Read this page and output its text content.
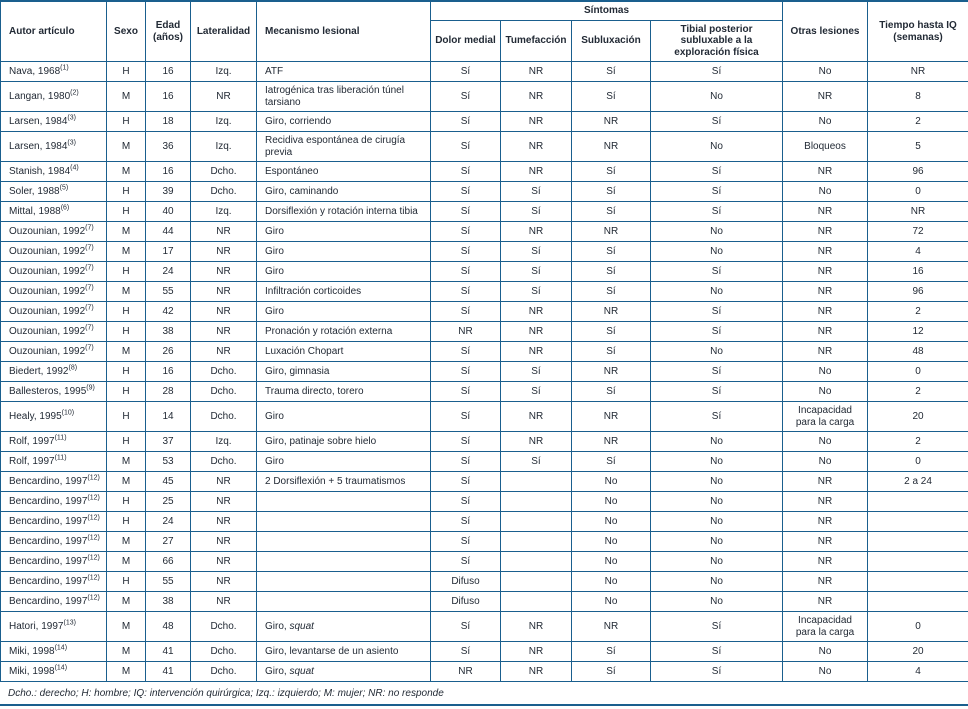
Autor artículo	Sexo	Edad (años)	Lateralidad	Mecanismo lesional	Síntomas				Otras lesiones	Tiempo hasta IQ (semanas)
					Dolor medial	Tumefacción	Subluxación	Tibial posterior subluxable a la exploración física		
Nava, 1968$^{(1)}$	H	16	Izq.	ATF	Sí	NR	Sí	Sí	No	NR
Langan, 1980$^{(2)}$	M	16	NR	Iatrogénica tras liberación túnel tarsiano	Sí	NR	Sí	No	NR	8
Larsen, 1984$^{(3)}$	H	18	Izq.	Giro, corriendo	Sí	NR	NR	Sí	No	2
Larsen, 1984$^{(3)}$	M	36	Izq.	Recidiva espontánea de cirugía previa	Sí	NR	NR	No	Bloqueos	5
Stanish, 1984$^{(4)}$	M	16	Dcho.	Espontáneo	Sí	NR	Sí	Sí	NR	96
Soler, 1988$^{(5)}$	H	39	Dcho.	Giro, caminando	Sí	Sí	Sí	Sí	No	0
Mittal, 1988$^{(6)}$	H	40	Izq.	Dorsiflexión y rotación interna tibia	Sí	Sí	Sí	Sí	NR	NR
Ouzounian, 1992$^{(7)}$	M	44	NR	Giro	Sí	NR	NR	No	NR	72
Ouzounian, 1992$^{(7)}$	M	17	NR	Giro	Sí	Sí	Sí	No	NR	4
Ouzounian, 1992$^{(7)}$	H	24	NR	Giro	Sí	Sí	Sí	Sí	NR	16
Ouzounian, 1992$^{(7)}$	M	55	NR	Infiltración corticoides	Sí	Sí	Sí	No	NR	96
Ouzounian, 1992$^{(7)}$	H	42	NR	Giro	Sí	NR	NR	Sí	NR	2
Ouzounian, 1992$^{(7)}$	H	38	NR	Pronación y rotación externa	NR	NR	Sí	Sí	NR	12
Ouzounian, 1992$^{(7)}$	M	26	NR	Luxación Chopart	Sí	NR	Sí	No	NR	48
Biedert, 1992$^{(8)}$	H	16	Dcho.	Giro, gimnasia	Sí	Sí	NR	Sí	No	0
Ballesteros, 1995$^{(9)}$	H	28	Dcho.	Trauma directo, torero	Sí	Sí	Sí	Sí	No	2
Healy, 1995$^{(10)}$	H	14	Dcho.	Giro	Sí	NR	NR	Sí	Incapacidad para la carga	20
Rolf, 1997$^{(11)}$	H	37	Izq.	Giro, patinaje sobre hielo	Sí	NR	NR	No	No	2
Rolf, 1997$^{(11)}$	M	53	Dcho.	Giro	Sí	Sí	Sí	No	No	0
Bencardino, 1997$^{(12)}$	M	45	NR	2 Dorsiflexión + 5 traumatismos	Sí		No	No	NR	2 a 24
Bencardino, 1997$^{(12)}$	H	25	NR		Sí		No	No	NR	
Bencardino, 1997$^{(12)}$	H	24	NR		Sí		No	No	NR	
Bencardino, 1997$^{(12)}$	M	27	NR		Sí		No	No	NR	
Bencardino, 1997$^{(12)}$	M	66	NR		Sí		No	No	NR	
Bencardino, 1997$^{(12)}$	H	55	NR		Difuso		No	No	NR	
Bencardino, 1997$^{(12)}$	M	38	NR		Difuso		No	No	NR	
Hatori, 1997$^{(13)}$	M	48	Dcho.	Giro, squat	Sí	NR	NR	Sí	Incapacidad para la carga	0
Miki, 1998$^{(14)}$	M	41	Dcho.	Giro, levantarse de un asiento	Sí	NR	Sí	Sí	No	20
Miki, 1998$^{(14)}$	M	41	Dcho.	Giro, squat	NR	NR	Sí	Sí	No	4
Dcho.: derecho; H: hombre; IQ: intervención quirúrgica; Izq.: izquierdo; M: mujer; NR: no responde
